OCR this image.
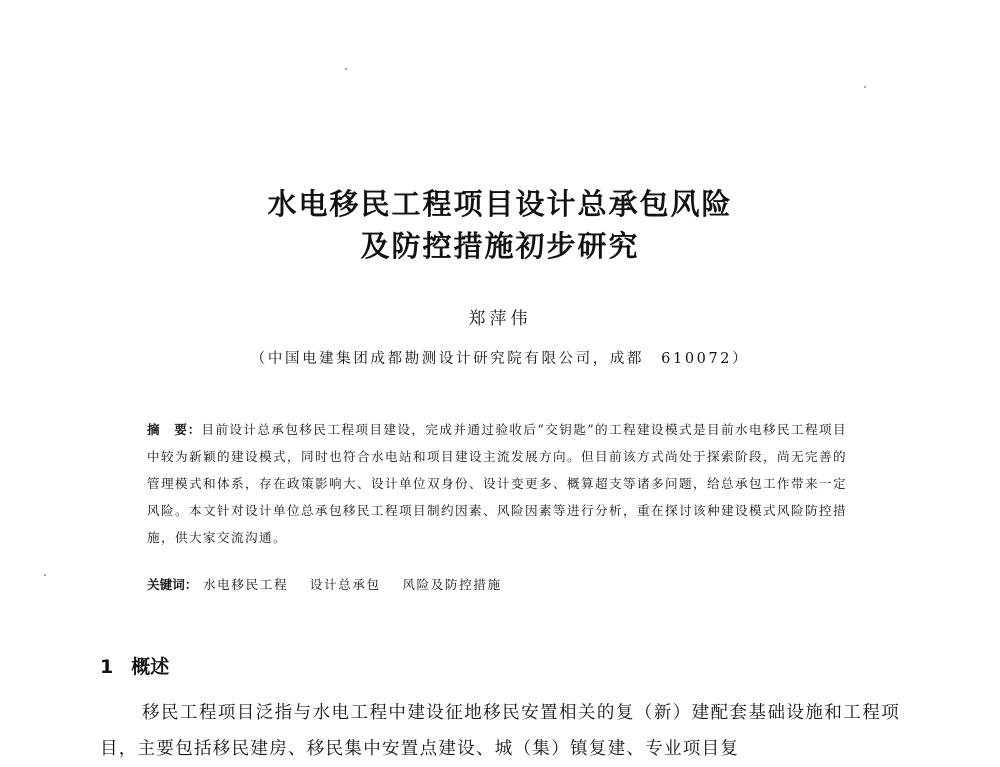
水电移民工程项目设计总承包风险
及防控措施初步研究
郑萍伟
（中国电建集团成都勘测设计研究院有限公司，成都　610072）
摘　要：目前设计总承包移民工程项目建设，完成并通过验收后“交钥匙”的工程建设模式是目前水电移民工程项目中较为新颖的建设模式，同时也符合水电站和项目建设主流发展方向。但目前该方式尚处于探索阶段，尚无完善的管理模式和体系，存在政策影响大、设计单位双身份、设计变更多、概算超支等诸多问题，给总承包工作带来一定风险。本文针对设计单位总承包移民工程项目制约因素、风险因素等进行分析，重在探讨该种建设模式风险防控措施，供大家交流沟通。
关键词： 水电移民工程 设计总承包 风险及防控措施
1 概述
移民工程项目泛指与水电工程中建设征地移民安置相关的复（新）建配套基础设施和工程项目，主要包括移民建房、移民集中安置点建设、城（集）镇复建、专业项目复
